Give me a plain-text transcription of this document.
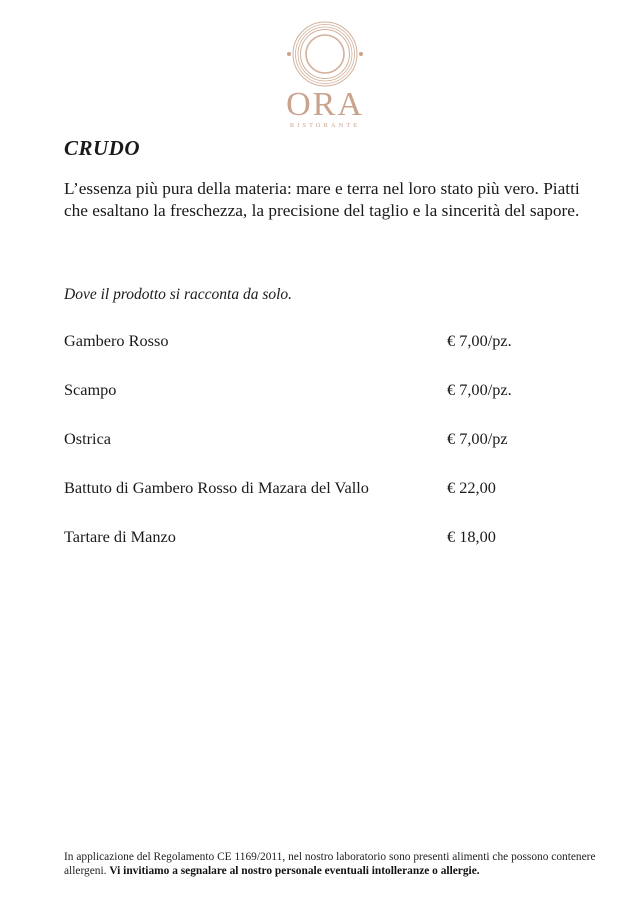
ORA
RISTORANTE
CRUDO
L’essenza più pura della materia: mare e terra nel loro stato più vero. Piatti che esaltano la freschezza, la precisione del taglio e la sincerità del sapore.
Dove il prodotto si racconta da solo.
Gambero Rosso	€ 7,00/pz.
Scampo	€ 7,00/pz.
Ostrica	€ 7,00/pz
Battuto di Gambero Rosso di Mazara del Vallo	€ 22,00
Tartare di Manzo	€ 18,00
In applicazione del Regolamento CE 1169/2011, nel nostro laboratorio sono presenti alimenti che possono contenere allergeni. Vi invitiamo a segnalare al nostro personale eventuali intolleranze o allergie.
